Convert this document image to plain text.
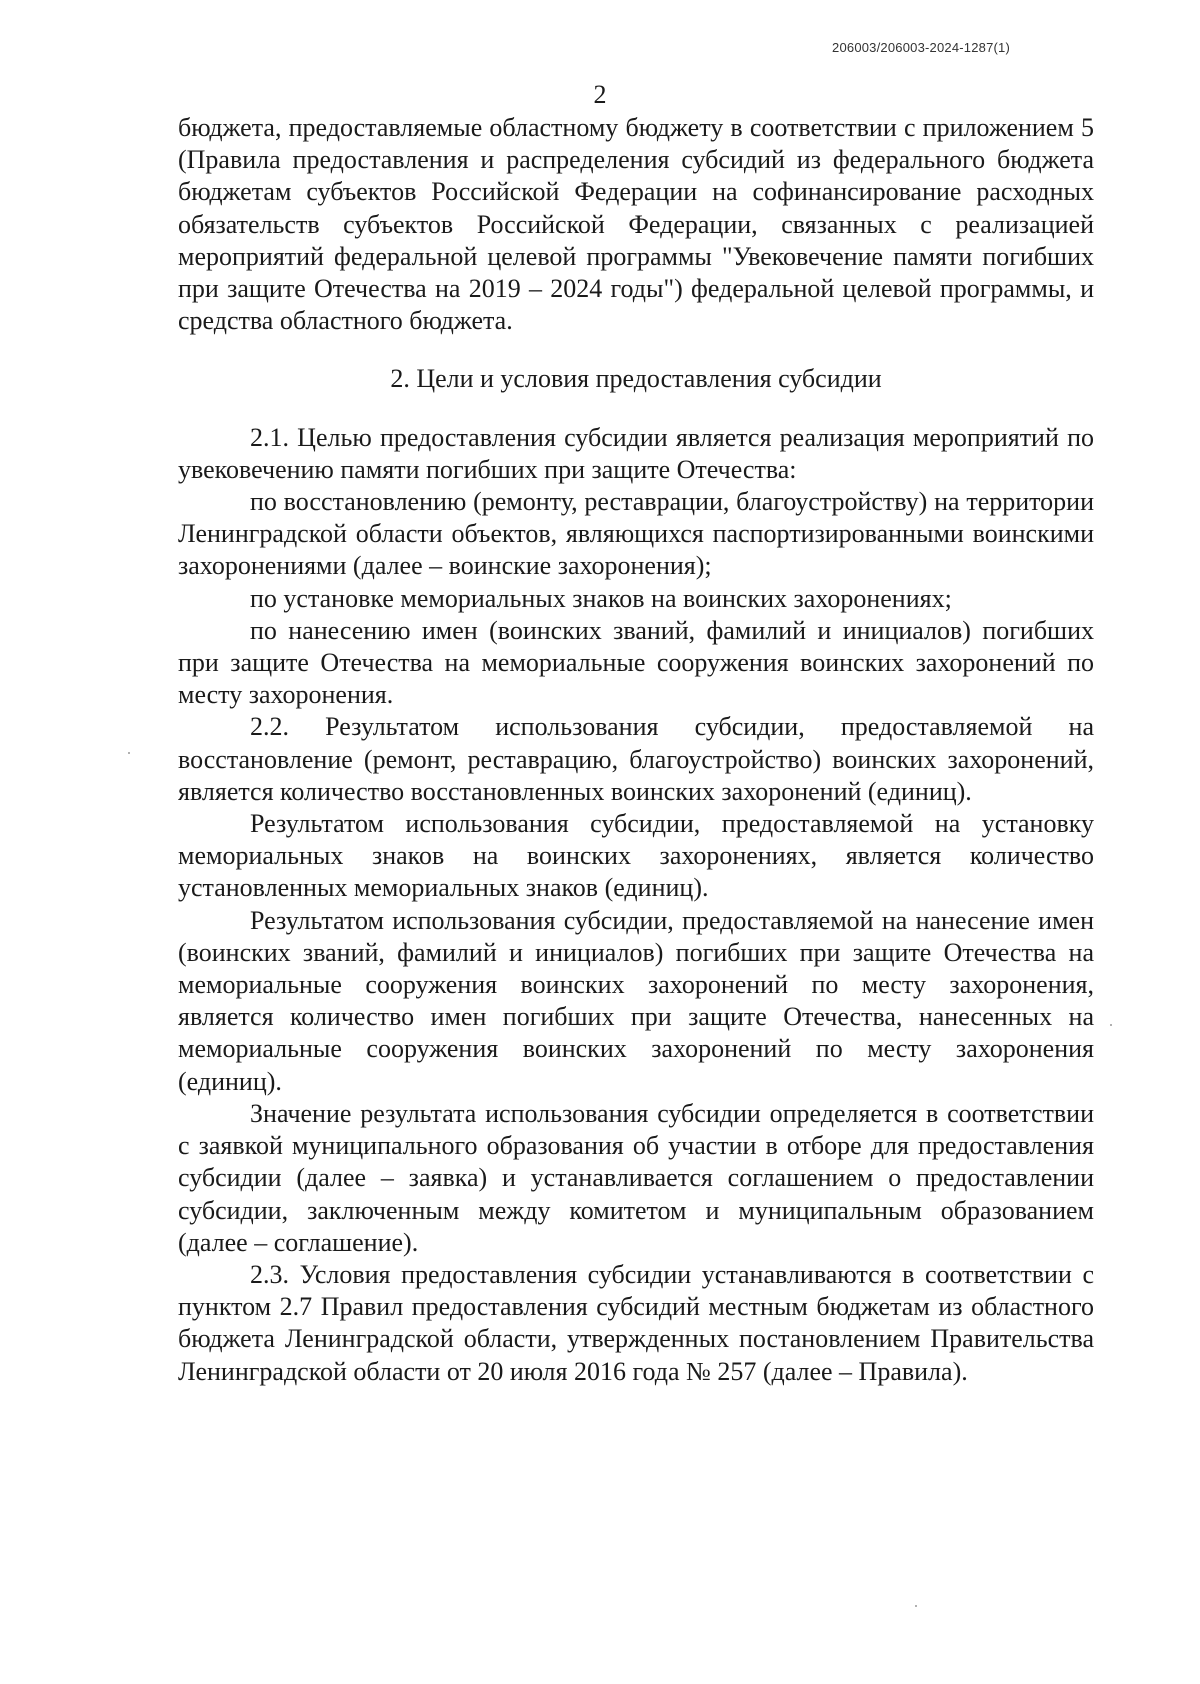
206003/206003-2024-1287(1)
2

бюджета, предоставляемые областному бюджету в соответствии с приложением 5 (Правила предоставления и распределения субсидий из федерального бюджета бюджетам субъектов Российской Федерации на софинансирование расходных обязательств субъектов Российской Федерации, связанных с реализацией мероприятий федеральной целевой программы "Увековечение памяти погибших при защите Отечества на 2019 – 2024 годы") федеральной целевой программы, и средства областного бюджета.

2. Цели и условия предоставления субсидии

2.1. Целью предоставления субсидии является реализация мероприятий по увековечению памяти погибших при защите Отечества:

по восстановлению (ремонту, реставрации, благоустройству) на территории Ленинградской области объектов, являющихся паспортизированными воинскими захоронениями (далее – воинские захоронения);

по установке мемориальных знаков на воинских захоронениях;

по нанесению имен (воинских званий, фамилий и инициалов) погибших при защите Отечества на мемориальные сооружения воинских захоронений по месту захоронения.

2.2. Результатом использования субсидии, предоставляемой на восстановление (ремонт, реставрацию, благоустройство) воинских захоронений, является количество восстановленных воинских захоронений (единиц).

Результатом использования субсидии, предоставляемой на установку мемориальных знаков на воинских захоронениях, является количество установленных мемориальных знаков (единиц).

Результатом использования субсидии, предоставляемой на нанесение имен (воинских званий, фамилий и инициалов) погибших при защите Отечества на мемориальные сооружения воинских захоронений по месту захоронения, является количество имен погибших при защите Отечества, нанесенных на мемориальные сооружения воинских захоронений по месту захоронения (единиц).

Значение результата использования субсидии определяется в соответствии с заявкой муниципального образования об участии в отборе для предоставления субсидии (далее – заявка) и устанавливается соглашением о предоставлении субсидии, заключенным между комитетом и муниципальным образованием (далее – соглашение).

2.3. Условия предоставления субсидии устанавливаются в соответствии с пунктом 2.7 Правил предоставления субсидий местным бюджетам из областного бюджета Ленинградской области, утвержденных постановлением Правительства Ленинградской области от 20 июля 2016 года № 257 (далее – Правила).
